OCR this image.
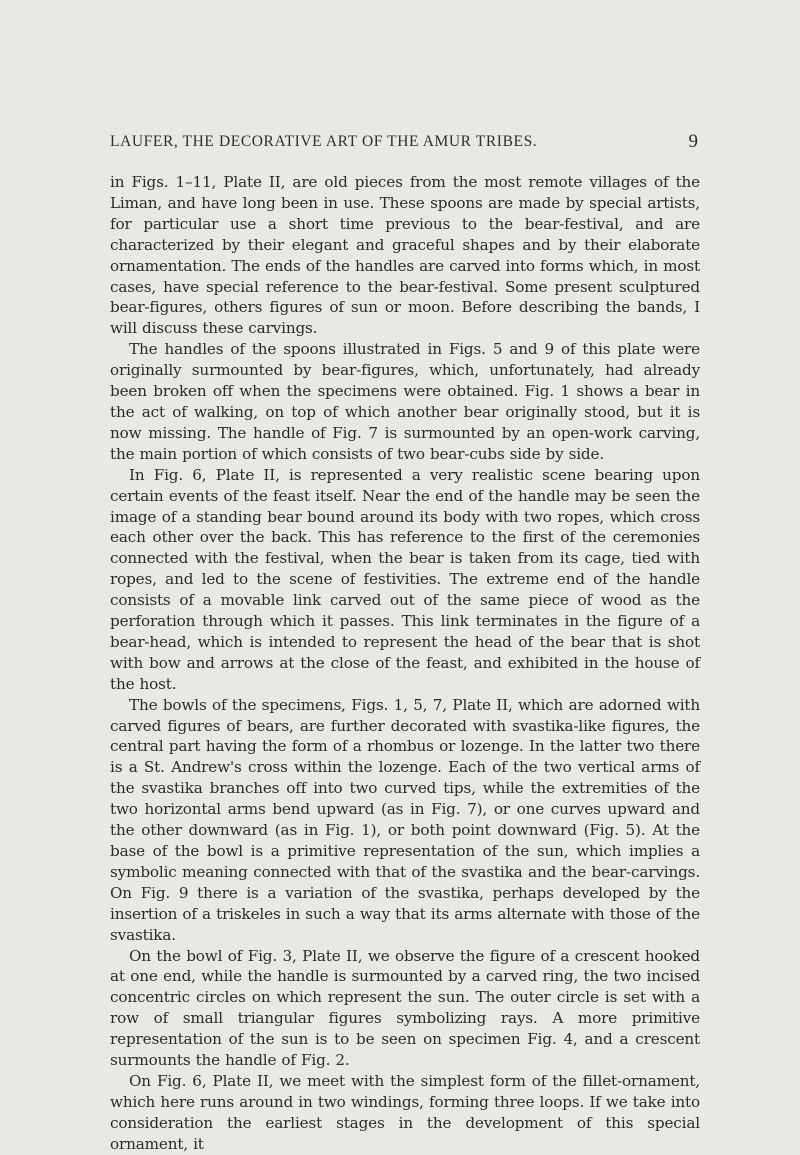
LAUFER, THE DECORATIVE ART OF THE AMUR TRIBES.	9

in Figs. 1–11, Plate II, are old pieces from the most remote villages of the Liman, and have long been in use. These spoons are made by special artists, for particular use a short time previous to the bear-festival, and are characterized by their elegant and graceful shapes and by their elaborate ornamentation. The ends of the handles are carved into forms which, in most cases, have special reference to the bear-festival. Some present sculptured bear-figures, others figures of sun or moon. Before describing the bands, I will discuss these carvings.

The handles of the spoons illustrated in Figs. 5 and 9 of this plate were originally surmounted by bear-figures, which, unfortunately, had already been broken off when the specimens were obtained. Fig. 1 shows a bear in the act of walking, on top of which another bear originally stood, but it is now missing. The handle of Fig. 7 is surmounted by an open-work carving, the main portion of which consists of two bear-cubs side by side.

In Fig. 6, Plate II, is represented a very realistic scene bearing upon certain events of the feast itself. Near the end of the handle may be seen the image of a standing bear bound around its body with two ropes, which cross each other over the back. This has reference to the first of the ceremonies connected with the festival, when the bear is taken from its cage, tied with ropes, and led to the scene of festivities. The extreme end of the handle consists of a movable link carved out of the same piece of wood as the perforation through which it passes. This link terminates in the figure of a bear-head, which is intended to represent the head of the bear that is shot with bow and arrows at the close of the feast, and exhibited in the house of the host.

The bowls of the specimens, Figs. 1, 5, 7, Plate II, which are adorned with carved figures of bears, are further decorated with svastika-like figures, the central part having the form of a rhombus or lozenge. In the latter two there is a St. Andrew's cross within the lozenge. Each of the two vertical arms of the svastika branches off into two curved tips, while the extremities of the two horizontal arms bend upward (as in Fig. 7), or one curves upward and the other downward (as in Fig. 1), or both point downward (Fig. 5). At the base of the bowl is a primitive representation of the sun, which implies a symbolic meaning connected with that of the svastika and the bear-carvings. On Fig. 9 there is a variation of the svastika, perhaps developed by the insertion of a triskeles in such a way that its arms alternate with those of the svastika.

On the bowl of Fig. 3, Plate II, we observe the figure of a crescent hooked at one end, while the handle is surmounted by a carved ring, the two incised concentric circles on which represent the sun. The outer circle is set with a row of small triangular figures symbolizing rays. A more primitive representation of the sun is to be seen on specimen Fig. 4, and a crescent surmounts the handle of Fig. 2.

On Fig. 6, Plate II, we meet with the simplest form of the fillet-ornament, which here runs around in two windings, forming three loops. If we take into consideration the earliest stages in the development of this special ornament, it
